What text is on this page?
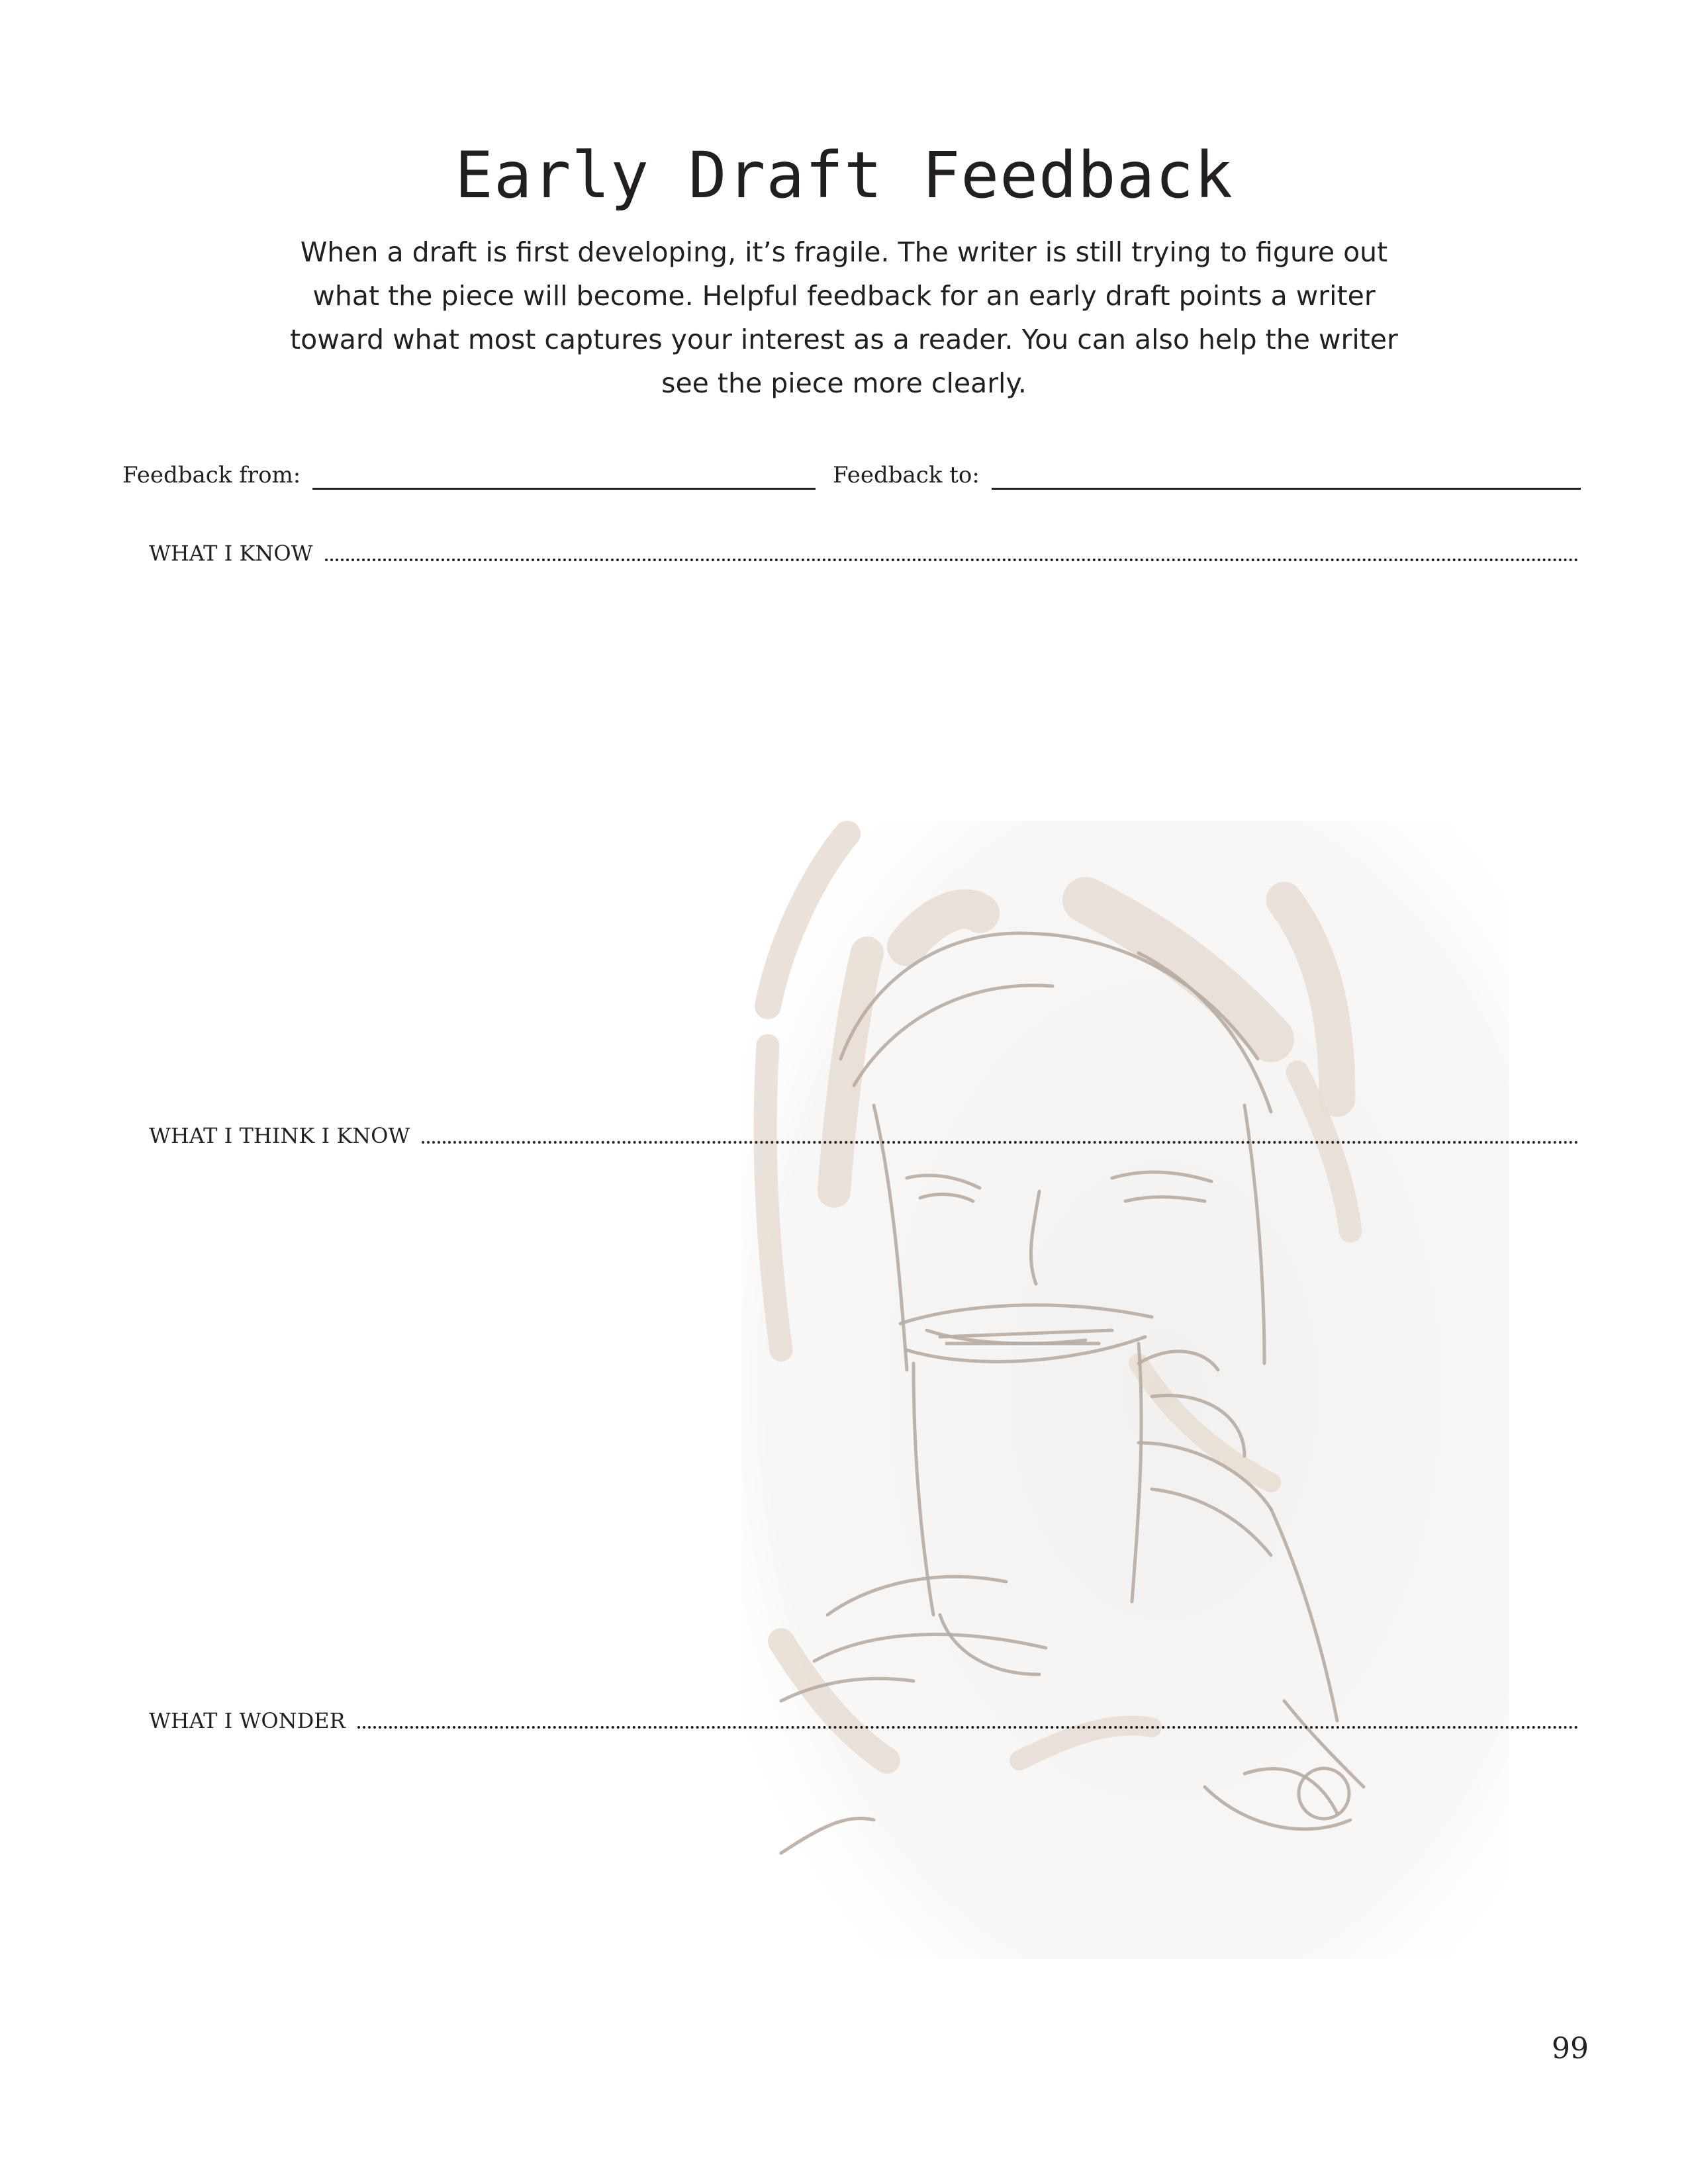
Early Draft Feedback

When a draft is first developing, it’s fragile. The writer is still trying to figure out what the piece will become. Helpful feedback for an early draft points a writer toward what most captures your interest as a reader. You can also help the writer see the piece more clearly.

Feedback from:	Feedback to:
WHAT I KNOW
WHAT I THINK I KNOW
WHAT I WONDER
99
